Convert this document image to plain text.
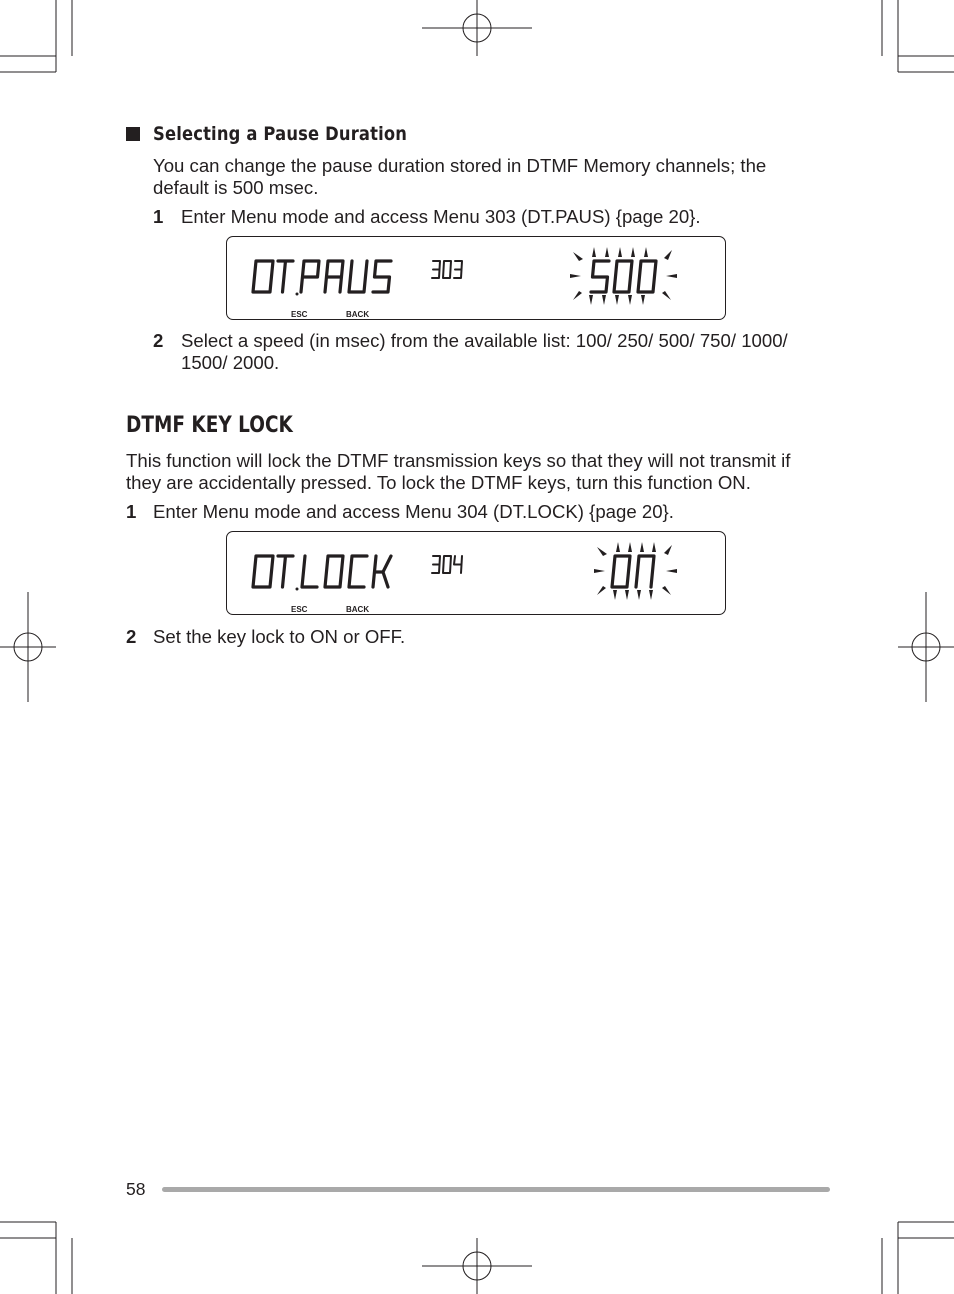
Selecting a Pause Duration
You can change the pause duration stored in DTMF Memory channels; the
default is 500 msec.
1 Enter Menu mode and access Menu 303 (DT.PAUS) {page 20}.
ESC	BACK
2 Select a speed (in msec) from the available list: 100/ 250/ 500/ 750/ 1000/
1500/ 2000.
DTMF KEY LOCK
This function will lock the DTMF transmission keys so that they will not transmit if
they are accidentally pressed. To lock the DTMF keys, turn this function ON.
1 Enter Menu mode and access Menu 304 (DT.LOCK) {page 20}.
ESC	BACK
2 Set the key lock to ON or OFF.
58
